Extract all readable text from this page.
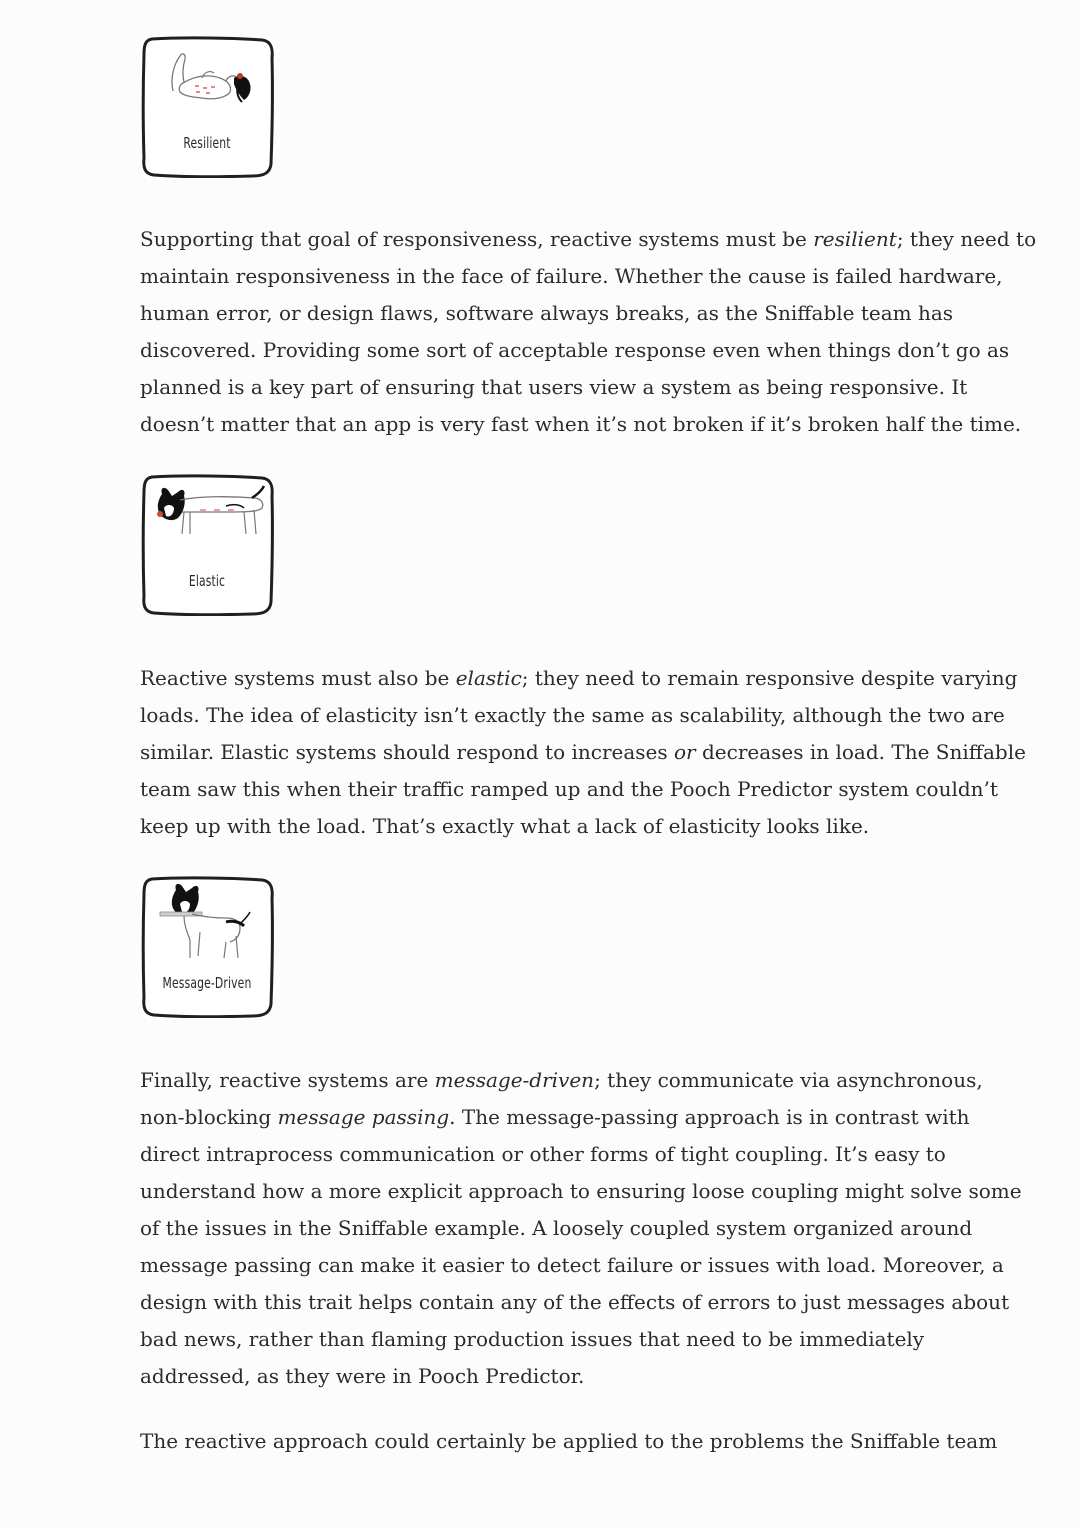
Resilient

Supporting that goal of responsiveness, reactive systems must be resilient; they need to
maintain responsiveness in the face of failure. Whether the cause is failed hardware,
human error, or design flaws, software always breaks, as the Sniffable team has
discovered. Providing some sort of acceptable response even when things don’t go as
planned is a key part of ensuring that users view a system as being responsive. It
doesn’t matter that an app is very fast when it’s not broken if it’s broken half the time.

Elastic

Reactive systems must also be elastic; they need to remain responsive despite varying
loads. The idea of elasticity isn’t exactly the same as scalability, although the two are
similar. Elastic systems should respond to increases or decreases in load. The Sniffable
team saw this when their traffic ramped up and the Pooch Predictor system couldn’t
keep up with the load. That’s exactly what a lack of elasticity looks like.

Message-Driven

Finally, reactive systems are message-driven; they communicate via asynchronous,
non-blocking message passing. The message-passing approach is in contrast with
direct intraprocess communication or other forms of tight coupling. It’s easy to
understand how a more explicit approach to ensuring loose coupling might solve some
of the issues in the Sniffable example. A loosely coupled system organized around
message passing can make it easier to detect failure or issues with load. Moreover, a
design with this trait helps contain any of the effects of errors to just messages about
bad news, rather than flaming production issues that need to be immediately
addressed, as they were in Pooch Predictor.

The reactive approach could certainly be applied to the problems the Sniffable team
